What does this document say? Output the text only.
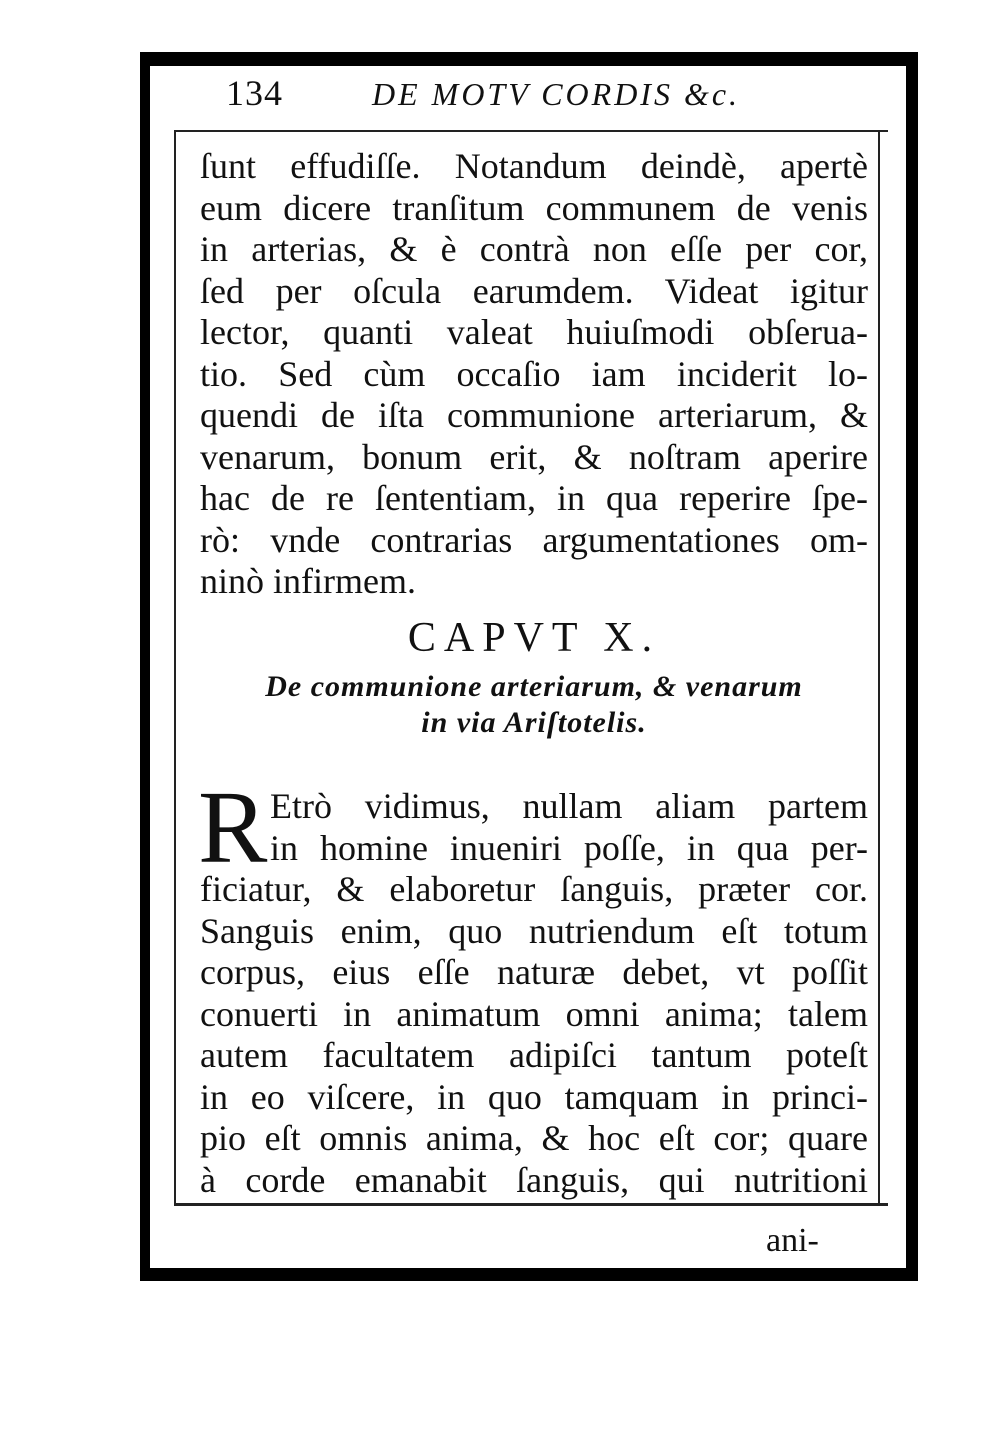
134	DE MOTV CORDIS &c.
ſunt effudiſſe. Notandum deindè, apertè
eum dicere tranſitum communem de venis
in arterias, & è contrà non eſſe per cor,
ſed per oſcula earumdem. Videat igitur
lector, quanti valeat huiuſmodi obſerua-
tio. Sed cùm occaſio iam inciderit lo-
quendi de iſta communione arteriarum, &
venarum, bonum erit, & noſtram aperire
hac de re ſententiam, in qua reperire ſpe-
rò: vnde contrarias argumentationes om-
ninò infirmem.
CAPVT X.
De communione arteriarum, & venarum
in via Ariſtotelis.
R Etrò vidimus, nullam aliam partem
in homine inueniri poſſe, in qua per-
ficiatur, & elaboretur ſanguis, præter cor.
Sanguis enim, quo nutriendum eſt totum
corpus, eius eſſe naturæ debet, vt poſſit
conuerti in animatum omni anima; talem
autem facultatem adipiſci tantum poteſt
in eo viſcere, in quo tamquam in princi-
pio eſt omnis anima, & hoc eſt cor; quare
à corde emanabit ſanguis, qui nutritioni
ani-
